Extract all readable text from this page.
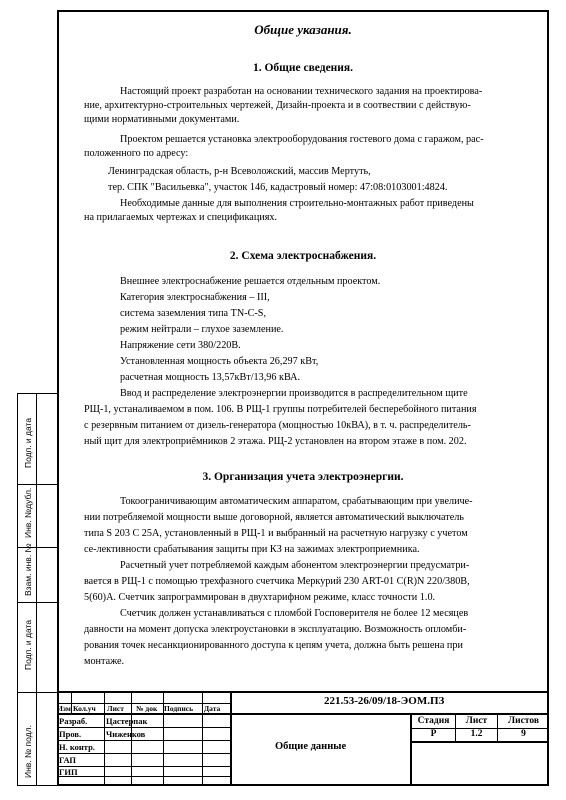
Общие указания.
1. Общие сведения.
Настоящий проект разработан на основании технического задания на проектирова-
ние, архитектурно-строительных чертежей, Дизайн-проекта и в соотвествии с действую-
щими нормативными документами.
Проектом решается установка электрооборудования гостевого дома с гаражом, рас-
положенного по адресу:
Ленинградская область, р-н Всеволожский, массив Мертуть,
тер. СПК "Васильевка", участок 146, кадастровый номер: 47:08:0103001:4824.
Необходимые данные для выполнения строительно-монтажных работ приведены
на прилагаемых чертежах и спецификациях.
2. Схема электроснабжения.
Внешнее электроснабжение решается отдельным проектом.
Категория электроснабжения – III,
система заземления типа TN-C-S,
режим нейтрали – глухое заземление.
Напряжение сети 380/220В.
Установленная мощность объекта 26,297 кВт,
расчетная мощность 13,57кВт/13,96 кВА.
Ввод и распределение электроэнергии производится в распределительном щите
РЩ-1, устаналиваемом в пом. 106. В РЩ-1 группы потребителей бесперебойного питания
с резервным питанием от дизель-генератора (мощностью 10кВА), в т. ч. распределитель-
ный щит для электроприёмников 2 этажа. РЩ-2 установлен на втором этаже в пом. 202.
3. Организация учета электроэнергии.
Токоограничивающим автоматическим аппаратом, срабатывающим при увеличе-
нии потребляемой мощности выше договорной, является автоматический выключатель
типа S 203 C 25А, установленный в РЩ-1 и выбранный на расчетную нагрузку с учетом
се-лективности срабатывания защиты при КЗ на зажимах электроприемника.
Расчетный учет потребляемой каждым абонентом электроэнергии предусматри-
вается в РЩ-1 с помощью трехфазного счетчика Меркурий 230 ART-01 C(R)N 220/380В,
5(60)А. Счетчик запрограммирован в двухтарифном режиме, класс точности 1.0.
Счетчик должен устанавливаться с пломбой Госповерителя не более 12 месяцев
давности на момент допуска электроустановки в эксплуатацию. Возможность опломби-
рования точек несанкционированного доступа к цепям учета, должна быть решена при
монтаже.
Подп. и дата
Инв. №дубл.
Взам. инв. №
Подп. и дата
Инв. № подл.
221.53-26/09/18-ЭОМ.ПЗ
Изм Кол.уч Лист № док Подпись Дата
Разраб. Цастерпак
Пров.	Чиженков
Н. контр.
ГАП
ГИП
Общие данные
Стадия	Лист	Листов
Р	1.2	9
